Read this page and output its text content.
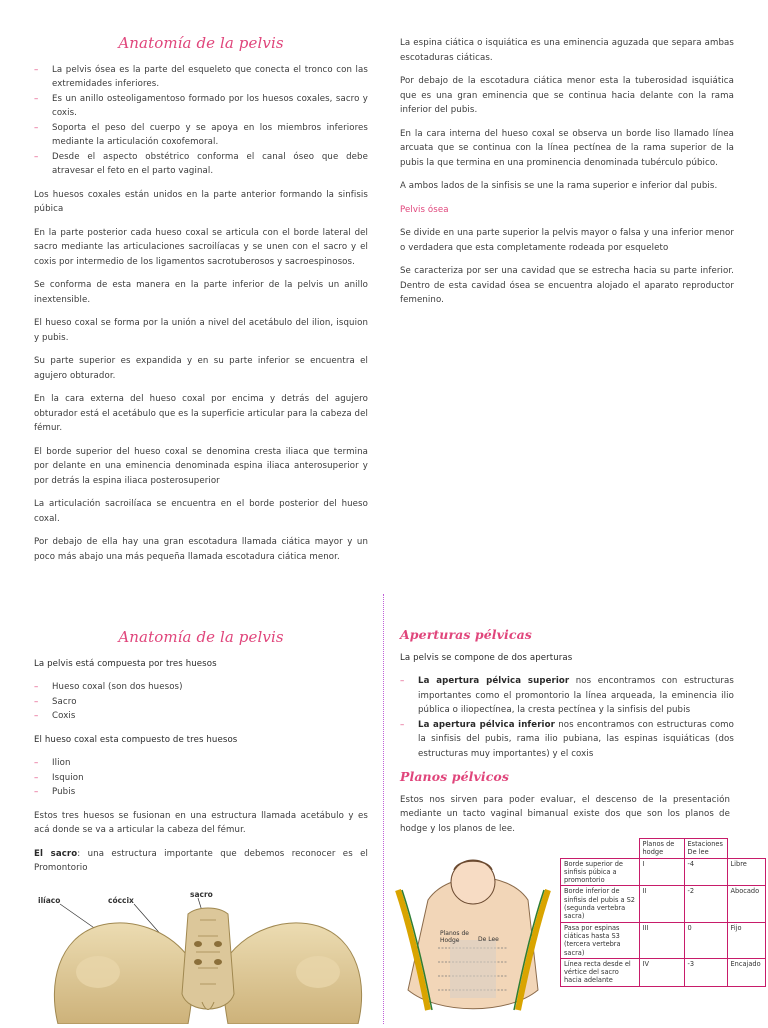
Anatomía de la pelvis
– La pelvis ósea es la parte del esqueleto que conecta el tronco con las extremidades inferiores.
– Es un anillo osteoligamentoso formado por los huesos coxales, sacro y coxis.
– Soporta el peso del cuerpo y se apoya en los miembros inferiores mediante la articulación coxofemoral.
– Desde el aspecto obstétrico conforma el canal óseo que debe atravesar el feto en el parto vaginal.

Los huesos coxales están unidos en la parte anterior formando la sinfisis púbica

En la parte posterior cada hueso coxal se articula con el borde lateral del sacro mediante las articulaciones sacroilíacas y se unen con el sacro y el coxis por intermedio de los ligamentos sacrotuberosos y sacroespinosos.

Se conforma de esta manera en la parte inferior de la pelvis un anillo inextensible.

El hueso coxal se forma por la unión a nivel del acetábulo del ilion, isquion y pubis.

Su parte superior es expandida y en su parte inferior se encuentra el agujero obturador.

En la cara externa del hueso coxal por encima y detrás del agujero obturador está el acetábulo que es la superficie articular para la cabeza del fémur.

El borde superior del hueso coxal se denomina cresta iliaca que termina por delante en una eminencia denominada espina iliaca anterosuperior y por detrás la espina iliaca posterosuperior

La articulación sacroilíaca se encuentra en el borde posterior del hueso coxal.

Por debajo de ella hay una gran escotadura llamada ciática mayor y un poco más abajo una más pequeña llamada escotadura ciática menor.

La espina ciática o isquiática es una eminencia aguzada que separa ambas escotaduras ciáticas.

Por debajo de la escotadura ciática menor esta la tuberosidad isquiática que es una gran eminencia que se continua hacia delante con la rama inferior del pubis.

En la cara interna del hueso coxal se observa un borde liso llamado línea arcuata que se continua con la línea pectínea de la rama superior de la pubis la que termina en una prominencia denominada tubérculo púbico.

A ambos lados de la sinfisis se une la rama superior e inferior dal pubis.

Pelvis ósea

Se divide en una parte superior la pelvis mayor o falsa y una inferior menor o verdadera que esta completamente rodeada por esqueleto

Se caracteriza por ser una cavidad que se estrecha hacia su parte inferior. Dentro de esta cavidad ósea se encuentra alojado el aparato reproductor femenino.

Anatomía de la pelvis

La pelvis está compuesta por tres huesos

– Hueso coxal (son dos huesos)
– Sacro
– Coxis

El hueso coxal esta compuesto de tres huesos

– Ilion
– Isquion
– Pubis

Estos tres huesos se fusionan en una estructura llamada acetábulo y es acá donde se va a articular la cabeza del fémur.

El sacro: una estructura importante que debemos reconocer es el Promontorio

ilíaco	cóccix
sacro
Aperturas pélvicas

La pelvis se compone de dos aperturas

– La apertura pélvica superior nos encontramos con estructuras importantes como el promontorio la línea arqueada, la eminencia ilio pública o iliopectínea, la cresta pectínea y la sinfisis del pubis
– La apertura pélvica inferior nos encontramos con estructuras como la sinfisis del pubis, rama ilio pubiana, las espinas isquiáticas (dos estructuras muy importantes) y el coxis
Planos pélvicos

Estos nos sirven para poder evaluar, el descenso de la presentación mediante un tacto vaginal bimanual existe dos que son los planos de hodge y los planos de lee.

Planos de Hodge	De Lee
	Planos de hodge	Estaciones De lee	
Borde superior de sinfisis púbica a promontorio	I	-4	Libre
Borde inferior de sinfisis del pubis a S2 (segunda vertebra sacra)	II	-2	Abocado
Pasa por espinas ciáticas hasta S3 (tercera vertebra sacra)	III	0	Fijo
Línea recta desde el vértice del sacro hacia adelante	IV	-3	Encajado
